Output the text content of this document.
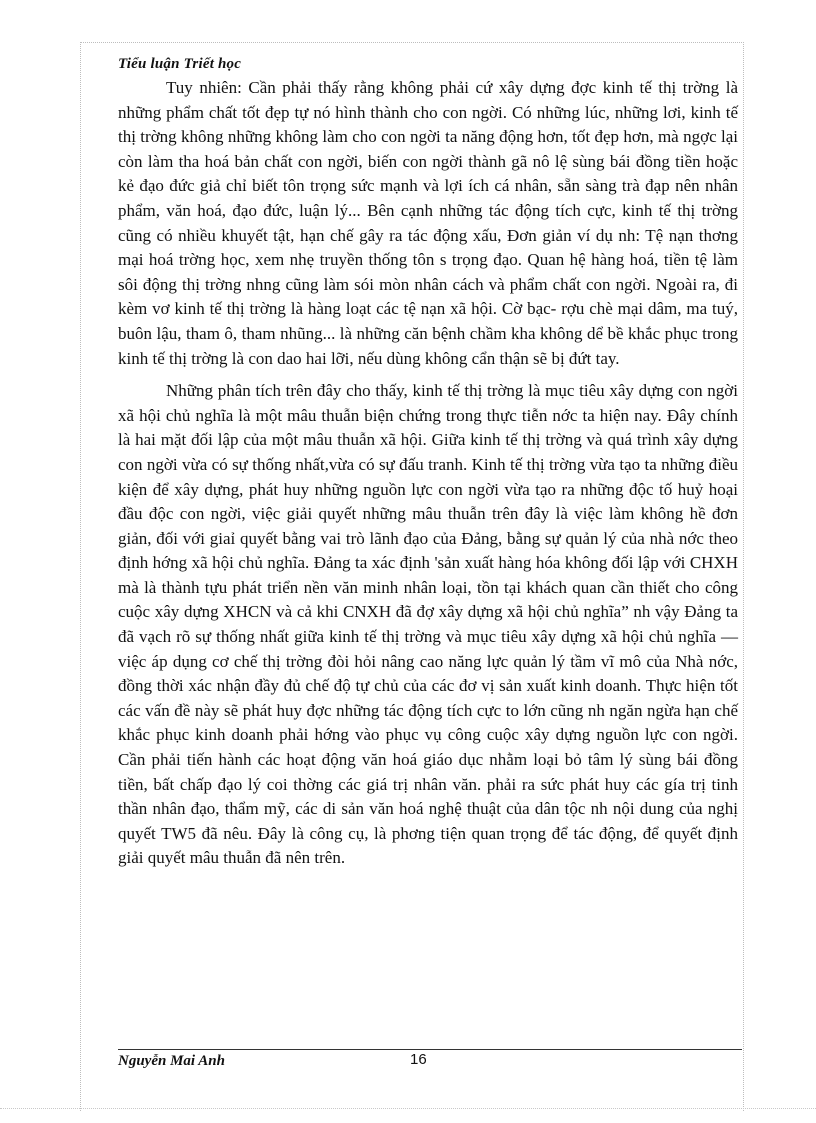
Tiểu luận Triết học

Tuy nhiên: Cần phải thấy rằng không phải cứ xây dựng đợc kinh tế thị trờng là những phẩm chất tốt đẹp tự nó hình thành cho con ngời. Có những lúc, những lơi, kinh tế thị trờng không những không làm cho con ngời ta năng động hơn, tốt đẹp hơn, mà ngợc lại còn làm tha hoá bản chất con ngời, biến con ngời thành gã nô lệ sùng bái đồng tiền hoặc kẻ đạo đức giả chỉ biết tôn trọng sức mạnh và lợi ích cá nhân, sẵn sàng trà đạp nên nhân phẩm, văn hoá, đạo đức, luận lý... Bên cạnh những tác động tích cực, kinh tế thị trờng cũng có nhiều khuyết tật, hạn chế gây ra tác động xấu, Đơn giản ví dụ nh: Tệ nạn thơng mại hoá trờng học, xem nhẹ truyền thống tôn s trọng đạo. Quan hệ hàng hoá, tiền tệ làm sôi động thị trờng nhng cũng làm sói mòn nhân cách và phẩm chất con ngời. Ngoài ra, đi kèm vơ kinh tế thị trờng là hàng loạt các tệ nạn xã hội. Cờ bạc- rợu chè mại dâm, ma tuý, buôn lậu, tham ô, tham nhũng... là những căn bệnh chầm kha không dể bề khắc phục trong kinh tế thị trờng là con dao hai lỡi, nếu dùng không cẩn thận sẽ bị đứt tay.

Những phân tích trên đây cho thấy, kinh tế thị trờng là mục tiêu xây dựng con ngời xã hội chủ nghĩa là một mâu thuẫn biện chứng trong thực tiễn nớc ta hiện nay. Đây chính là hai mặt đối lập của một mâu thuẫn xã hội. Giữa kinh tế thị trờng và quá trình xây dựng con ngời vừa có sự thống nhất,vừa có sự đấu tranh. Kinh tế thị trờng vừa tạo ta những điều kiện để xây dựng, phát huy những nguồn lực con ngời vừa tạo ra những độc tố huỷ hoại đầu độc con ngời, việc giải quyết những mâu thuẫn trên đây là việc làm không hề đơn giản, đối với giaỉ quyết bằng vai trò lãnh đạo của Đảng, bằng sự quản lý của nhà nớc theo định hớng xã hội chủ nghĩa. Đảng ta xác định 'sản xuất hàng hóa không đối lập với CHXH mà là thành tựu phát triển nền văn minh nhân loại, tồn tại khách quan cần thiết cho công cuộc xây dựng XHCN và cả khi CNXH đã đợ xây dựng xã hội chủ nghĩa” nh vậy Đảng ta đã vạch rõ sự thống nhất giữa kinh tế thị trờng và mục tiêu xây dựng xã hội chủ nghĩa — việc áp dụng cơ chế thị trờng đòi hỏi nâng cao năng lực quản lý tầm vĩ mô của Nhà nớc, đồng thời xác nhận đầy đủ chế độ tự chủ của các đơ vị sản xuất kinh doanh. Thực hiện tốt các vấn đề này sẽ phát huy đợc những tác động tích cực to lớn cũng nh ngăn ngừa hạn chế khắc phục kinh doanh phải hớng vào phục vụ công cuộc xây dựng nguồn lực con ngời. Cần phải tiến hành các hoạt động văn hoá giáo dục nhằm loại bỏ tâm lý sùng bái đồng tiền, bất chấp đạo lý coi thờng các giá trị nhân văn. phải ra sức phát huy các gía trị tinh thần nhân đạo, thẩm mỹ, các di sản văn hoá nghệ thuật của dân tộc nh nội dung của nghị quyết TW5 đã nêu. Đây là công cụ, là phơng tiện quan trọng để tác động, để quyết định giải quyết mâu thuẫn đã nên trên.

Nguyễn Mai Anh	16
